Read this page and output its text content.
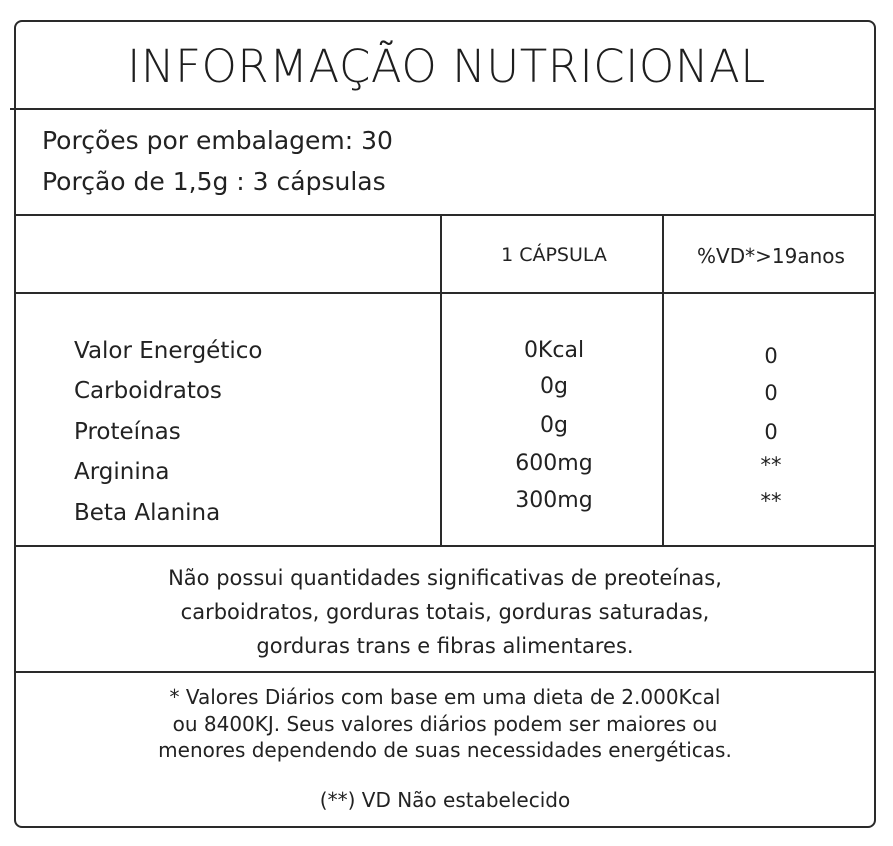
INFORMAÇÃO NUTRICIONAL
Porções por embalagem: 30
Porção de 1,5g : 3 cápsulas
1 CÁPSULA	%VD*>19anos
Valor Energético
Carboidratos
Proteínas
Arginina
Beta Alanina
0Kcal
0g
0g
600mg
300mg
0
0
0
**
**
Não possui quantidades significativas de preoteínas,
carboidratos, gorduras totais, gorduras saturadas,
gorduras trans e fibras alimentares.
* Valores Diários com base em uma dieta de 2.000Kcal
ou 8400KJ. Seus valores diários podem ser maiores ou
menores dependendo de suas necessidades energéticas.
(**) VD Não estabelecido
